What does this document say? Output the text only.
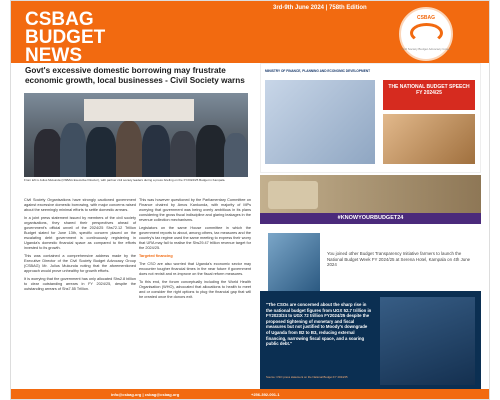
CSBAG
BUDGET
NEWS
3rd-9th June 2024 | 758th Edition
CSBAG
Civil Society Budget Advocacy Group
Govt's excessive domestic borrowing may frustrate economic growth, local businesses - Civil Society warns
From left is Julius Mukunda (CSBAG Executive Director), with partner civil society leaders during a press briefing on the FY2024/25 Budget in Kampala.

Civil Society Organisations have strongly cautioned government against excessive domestic borrowing, with major concerns raised about the seemingly minimal efforts to settle domestic arrears.

In a joint press statement issued by members of the civil society organisations, they shared their perspectives ahead of government's official unveil of the 2024/25 Shs72.12 Trillion Budget slated for June 13th, specific concern placed on the escalating debt government is continuously registering in Uganda's domestic financial space as compared to the efforts invested to its growth.

This was contained a comprehensive address made by the Executive Director of the Civil Society Budget Advocacy Group (CSBAG) Mr. Julius Mukunda noting that the aforementioned approach would prove unhealthy for growth efforts.

It is worrying that the government has only allocated Shs2.8 billion to clear outstanding arrears in FY 2024/25, despite the outstanding arrears of Shs7.55 Trillion.

This was however questioned by the Parliamentary Committee on Finance chaired by Amos Kankunda, with majority of MPs worrying that government was being overly ambitious in its plans considering the gross fiscal indiscipline and glaring leakages in the revenue collection mechanisms.

Legislators on the same House committee in which the government reports to about, among others, tax measures and the country's tax regime used the same meeting to express their worry that URA may fail to realise the Shs29.47 trillion revenue target for the 2024/25.

Targeted financing

The CSO are also worried that Uganda's economic sector may encounter tougher financial times in the near future if government does not revisit and re-improve on the fiscal reform measures.

To this end, the forum conceptually including the World Health Organisation (WHO), advocated that allocations to health to meet and or consider the right options to plug the financial gap that will be created once the donors exit.

MINISTRY OF FINANCE, PLANNING AND ECONOMIC DEVELOPMENT
THE NATIONAL BUDGET SPEECH FY 2024/25
#KNOWYOURBUDGET24
You joined other Budget Transparency Initiative farmers to launch the National Budget Week FY 2024/25 at Serena Hotel, Kampala on 4th June 2024
"The CSOs are concerned about the sharp rise in the national budget figures from UGX 52.7 trillion in FY2023/24 to UGX 72 trillion FY2024/25 despite the proposed tightening of monetary and fiscal measures but not justified to Moody's downgrade of Uganda from B2 to B3, reducing external financing, narrowing fiscal space, and a soaring public debt."
Source: CSO press statement on the National Budget FY 2024/25
info@csbag.org | csbag@csbag.org	+256-392-001-1
